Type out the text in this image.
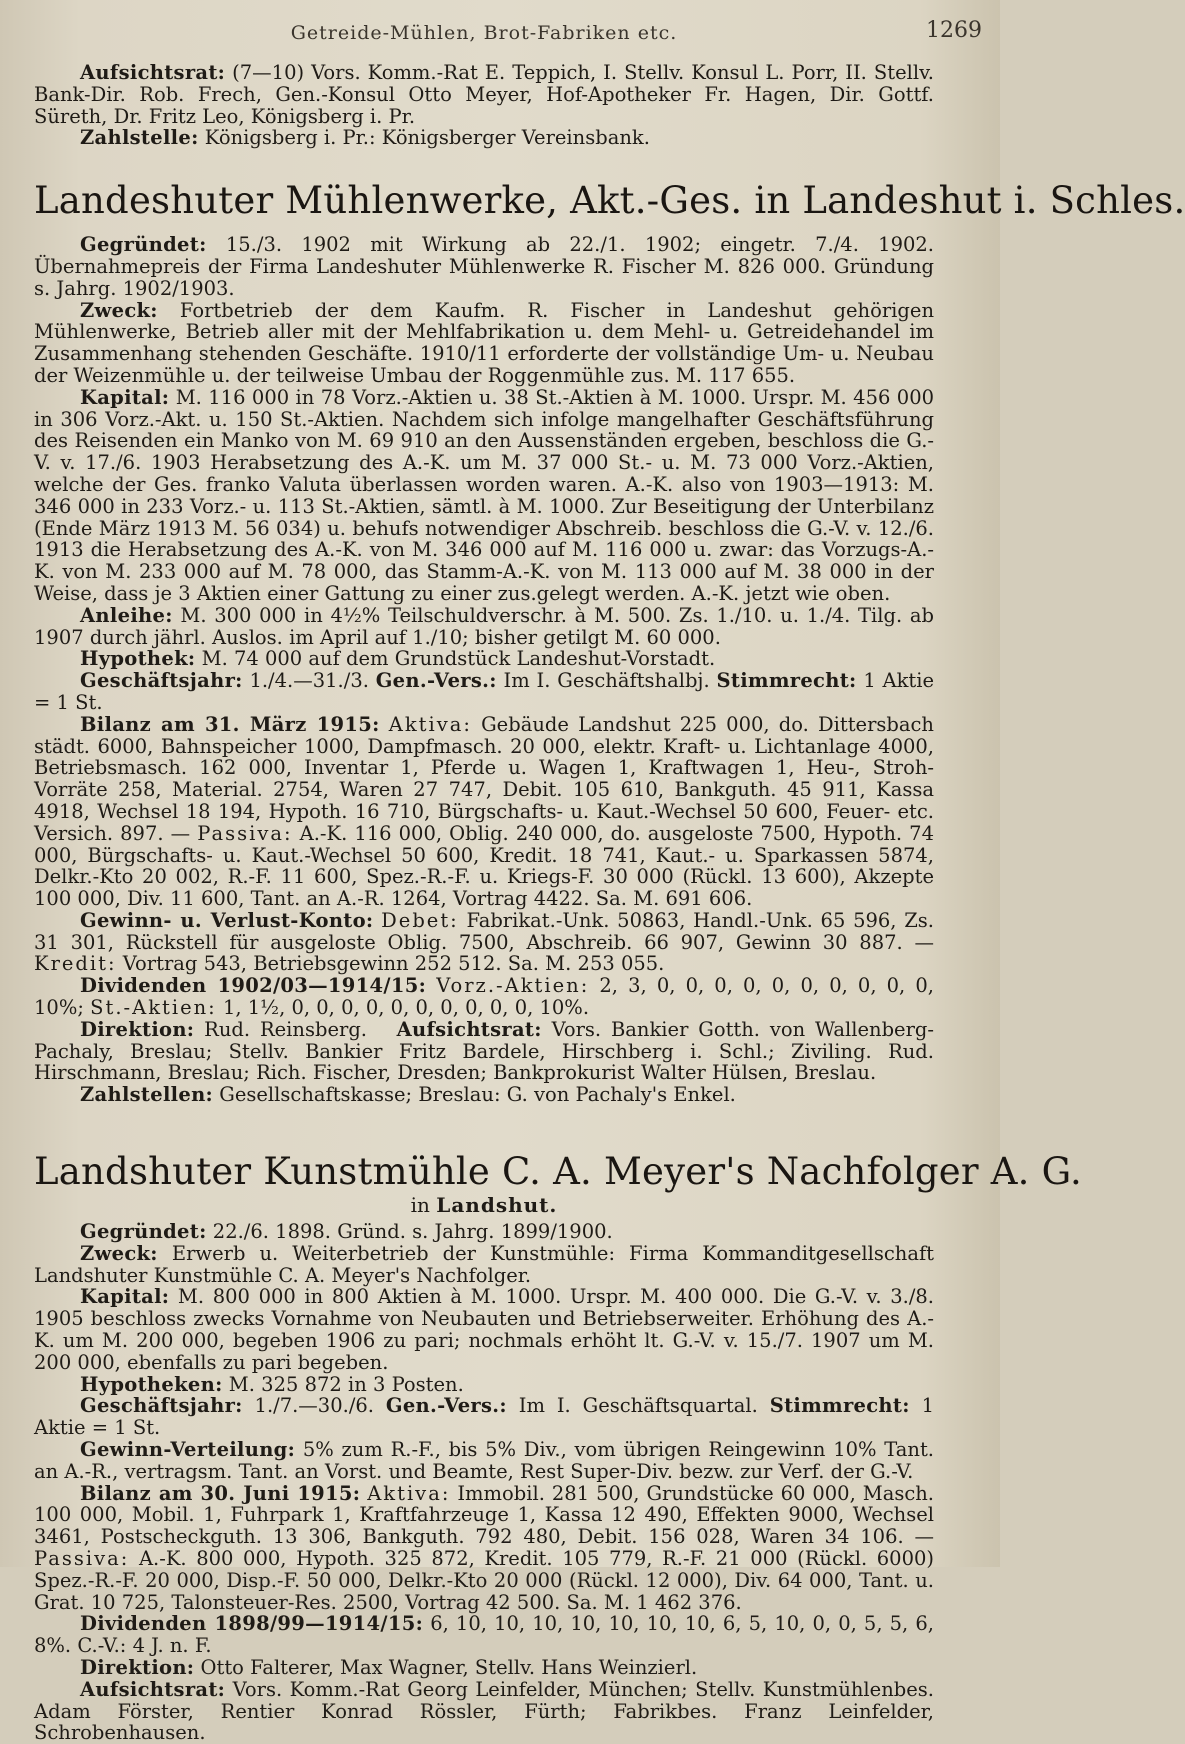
Getreide-Mühlen, Brot-Fabriken etc.	1269

Aufsichtsrat: (7—10) Vors. Komm.-Rat E. Teppich, I. Stellv. Konsul L. Porr, II. Stellv. Bank-Dir. Rob. Frech, Gen.-Konsul Otto Meyer, Hof-Apotheker Fr. Hagen, Dir. Gottf. Süreth, Dr. Fritz Leo, Königsberg i. Pr.

Zahlstelle: Königsberg i. Pr.: Königsberger Vereinsbank.

Landeshuter Mühlenwerke, Akt.-Ges. in Landeshut i. Schles.

Gegründet: 15./3. 1902 mit Wirkung ab 22./1. 1902; eingetr. 7./4. 1902. Übernahmepreis der Firma Landeshuter Mühlenwerke R. Fischer M. 826 000. Gründung s. Jahrg. 1902/1903.

Zweck: Fortbetrieb der dem Kaufm. R. Fischer in Landeshut gehörigen Mühlenwerke, Betrieb aller mit der Mehlfabrikation u. dem Mehl- u. Getreidehandel im Zusammenhang stehenden Geschäfte. 1910/11 erforderte der vollständige Um- u. Neubau der Weizenmühle u. der teilweise Umbau der Roggenmühle zus. M. 117 655.

Kapital: M. 116 000 in 78 Vorz.-Aktien u. 38 St.-Aktien à M. 1000. Urspr. M. 456 000 in 306 Vorz.-Akt. u. 150 St.-Aktien. Nachdem sich infolge mangelhafter Geschäftsführung des Reisenden ein Manko von M. 69 910 an den Aussenständen ergeben, beschloss die G.-V. v. 17./6. 1903 Herabsetzung des A.-K. um M. 37 000 St.- u. M. 73 000 Vorz.-Aktien, welche der Ges. franko Valuta überlassen worden waren. A.-K. also von 1903—1913: M. 346 000 in 233 Vorz.- u. 113 St.-Aktien, sämtl. à M. 1000. Zur Beseitigung der Unterbilanz (Ende März 1913 M. 56 034) u. behufs notwendiger Abschreib. beschloss die G.-V. v. 12./6. 1913 die Herabsetzung des A.-K. von M. 346 000 auf M. 116 000 u. zwar: das Vorzugs-A.-K. von M. 233 000 auf M. 78 000, das Stamm-A.-K. von M. 113 000 auf M. 38 000 in der Weise, dass je 3 Aktien einer Gattung zu einer zus.gelegt werden. A.-K. jetzt wie oben.

Anleihe: M. 300 000 in 4½% Teilschuldverschr. à M. 500. Zs. 1./10. u. 1./4. Tilg. ab 1907 durch jährl. Auslos. im April auf 1./10; bisher getilgt M. 60 000.

Hypothek: M. 74 000 auf dem Grundstück Landeshut-Vorstadt.

Geschäftsjahr: 1./4.—31./3. Gen.-Vers.: Im I. Geschäftshalbj. Stimmrecht: 1 Aktie = 1 St.

Bilanz am 31. März 1915: Aktiva: Gebäude Landshut 225 000, do. Dittersbach städt. 6000, Bahnspeicher 1000, Dampfmasch. 20 000, elektr. Kraft- u. Lichtanlage 4000, Betriebsmasch. 162 000, Inventar 1, Pferde u. Wagen 1, Kraftwagen 1, Heu-, Stroh-Vorräte 258, Material. 2754, Waren 27 747, Debit. 105 610, Bankguth. 45 911, Kassa 4918, Wechsel 18 194, Hypoth. 16 710, Bürgschafts- u. Kaut.-Wechsel 50 600, Feuer- etc. Versich. 897. — Passiva: A.-K. 116 000, Oblig. 240 000, do. ausgeloste 7500, Hypoth. 74 000, Bürgschafts- u. Kaut.-Wechsel 50 600, Kredit. 18 741, Kaut.- u. Sparkassen 5874, Delkr.-Kto 20 002, R.-F. 11 600, Spez.-R.-F. u. Kriegs-F. 30 000 (Rückl. 13 600), Akzepte 100 000, Div. 11 600, Tant. an A.-R. 1264, Vortrag 4422. Sa. M. 691 606.

Gewinn- u. Verlust-Konto: Debet: Fabrikat.-Unk. 50863, Handl.-Unk. 65 596, Zs. 31 301, Rückstell für ausgeloste Oblig. 7500, Abschreib. 66 907, Gewinn 30 887. — Kredit: Vortrag 543, Betriebsgewinn 252 512. Sa. M. 253 055.

Dividenden 1902/03—1914/15: Vorz.-Aktien: 2, 3, 0, 0, 0, 0, 0, 0, 0, 0, 0, 0, 10%; St.-Aktien: 1, 1½, 0, 0, 0, 0, 0, 0, 0, 0, 0, 0, 10%.

Direktion: Rud. Reinsberg. Aufsichtsrat: Vors. Bankier Gotth. von Wallenberg-Pachaly, Breslau; Stellv. Bankier Fritz Bardele, Hirschberg i. Schl.; Ziviling. Rud. Hirschmann, Breslau; Rich. Fischer, Dresden; Bankprokurist Walter Hülsen, Breslau.

Zahlstellen: Gesellschaftskasse; Breslau: G. von Pachaly's Enkel.

Landshuter Kunstmühle C. A. Meyer's Nachfolger A. G.
in Landshut.

Gegründet: 22./6. 1898. Gründ. s. Jahrg. 1899/1900.

Zweck: Erwerb u. Weiterbetrieb der Kunstmühle: Firma Kommanditgesellschaft Landshuter Kunstmühle C. A. Meyer's Nachfolger.

Kapital: M. 800 000 in 800 Aktien à M. 1000. Urspr. M. 400 000. Die G.-V. v. 3./8. 1905 beschloss zwecks Vornahme von Neubauten und Betriebserweiter. Erhöhung des A.-K. um M. 200 000, begeben 1906 zu pari; nochmals erhöht lt. G.-V. v. 15./7. 1907 um M. 200 000, ebenfalls zu pari begeben.

Hypotheken: M. 325 872 in 3 Posten.

Geschäftsjahr: 1./7.—30./6. Gen.-Vers.: Im I. Geschäftsquartal. Stimmrecht: 1 Aktie = 1 St.

Gewinn-Verteilung: 5% zum R.-F., bis 5% Div., vom übrigen Reingewinn 10% Tant. an A.-R., vertragsm. Tant. an Vorst. und Beamte, Rest Super-Div. bezw. zur Verf. der G.-V.

Bilanz am 30. Juni 1915: Aktiva: Immobil. 281 500, Grundstücke 60 000, Masch. 100 000, Mobil. 1, Fuhrpark 1, Kraftfahrzeuge 1, Kassa 12 490, Effekten 9000, Wechsel 3461, Postscheckguth. 13 306, Bankguth. 792 480, Debit. 156 028, Waren 34 106. — Passiva: A.-K. 800 000, Hypoth. 325 872, Kredit. 105 779, R.-F. 21 000 (Rückl. 6000) Spez.-R.-F. 20 000, Disp.-F. 50 000, Delkr.-Kto 20 000 (Rückl. 12 000), Div. 64 000, Tant. u. Grat. 10 725, Talonsteuer-Res. 2500, Vortrag 42 500. Sa. M. 1 462 376.

Dividenden 1898/99—1914/15: 6, 10, 10, 10, 10, 10, 10, 10, 6, 5, 10, 0, 0, 5, 5, 6, 8%. C.-V.: 4 J. n. F.

Direktion: Otto Falterer, Max Wagner, Stellv. Hans Weinzierl.

Aufsichtsrat: Vors. Komm.-Rat Georg Leinfelder, München; Stellv. Kunstmühlenbes. Adam Förster, Rentier Konrad Rössler, Fürth; Fabrikbes. Franz Leinfelder, Schrobenhausen.
